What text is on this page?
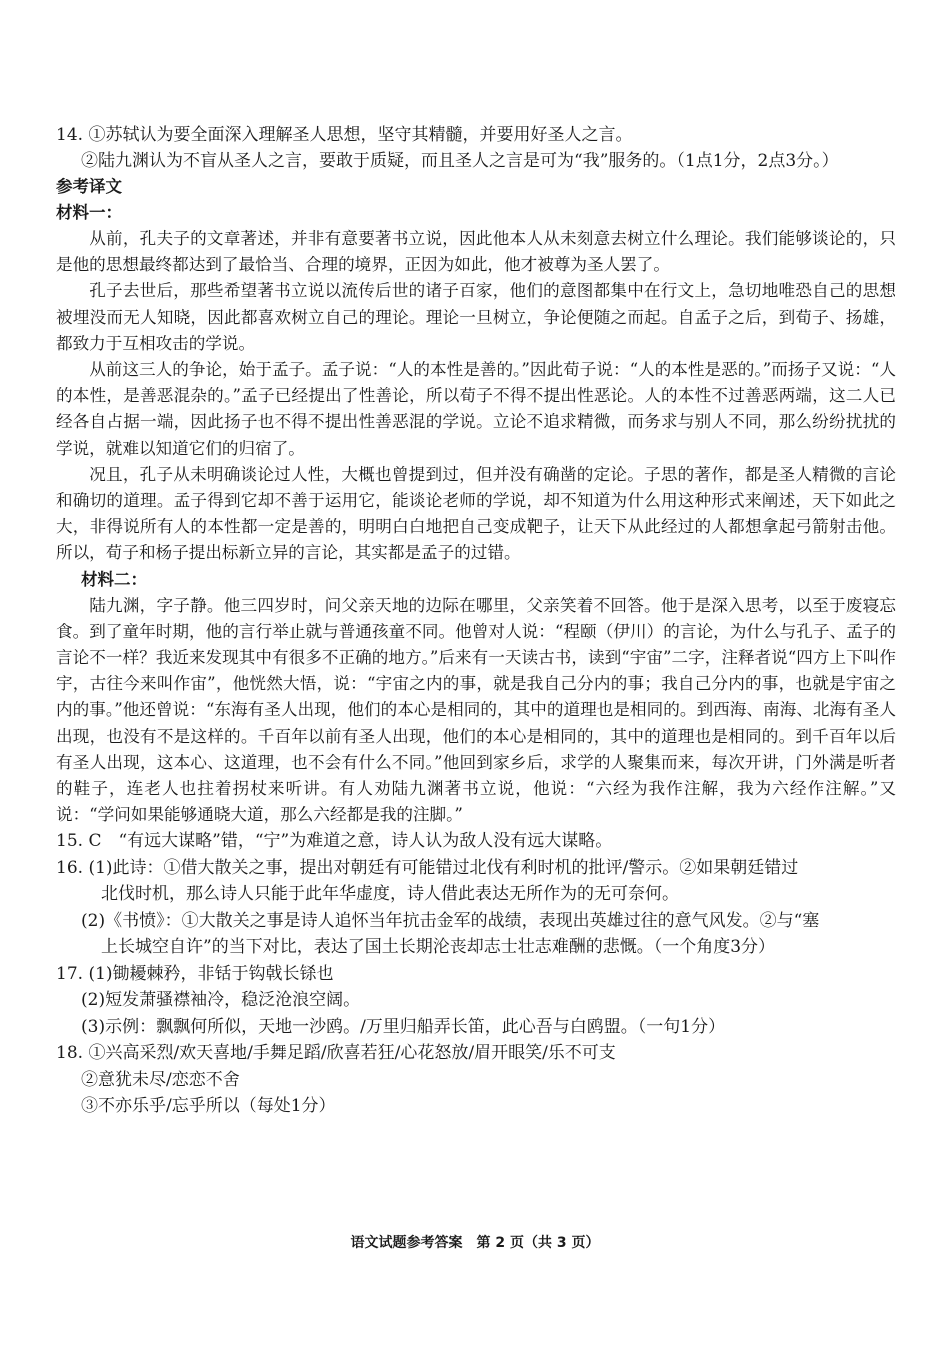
14. ①苏轼认为要全面深入理解圣人思想，坚守其精髓，并要用好圣人之言。
②陆九渊认为不盲从圣人之言，要敢于质疑，而且圣人之言是可为“我”服务的。（1点1分，2点3分。）
参考译文
材料一：

从前，孔夫子的文章著述，并非有意要著书立说，因此他本人从未刻意去树立什么理论。我们能够谈论的，只是他的思想最终都达到了最恰当、合理的境界，正因为如此，他才被尊为圣人罢了。

孔子去世后，那些希望著书立说以流传后世的诸子百家，他们的意图都集中在行文上，急切地唯恐自己的思想被埋没而无人知晓，因此都喜欢树立自己的理论。理论一旦树立，争论便随之而起。自孟子之后，到荀子、扬雄，都致力于互相攻击的学说。

从前这三人的争论，始于孟子。孟子说：“人的本性是善的。”因此荀子说：“人的本性是恶的。”而扬子又说：“人的本性，是善恶混杂的。”孟子已经提出了性善论，所以荀子不得不提出性恶论。人的本性不过善恶两端，这二人已经各自占据一端，因此扬子也不得不提出性善恶混的学说。立论不追求精微，而务求与别人不同，那么纷纷扰扰的学说，就难以知道它们的归宿了。

况且，孔子从未明确谈论过人性，大概也曾提到过，但并没有确凿的定论。子思的著作，都是圣人精微的言论和确切的道理。孟子得到它却不善于运用它，能谈论老师的学说，却不知道为什么用这种形式来阐述，天下如此之大，非得说所有人的本性都一定是善的，明明白白地把自己变成靶子，让天下从此经过的人都想拿起弓箭射击他。所以，荀子和杨子提出标新立异的言论，其实都是孟子的过错。

材料二：

陆九渊，字子静。他三四岁时，问父亲天地的边际在哪里，父亲笑着不回答。他于是深入思考，以至于废寝忘食。到了童年时期，他的言行举止就与普通孩童不同。他曾对人说：“程颐（伊川）的言论，为什么与孔子、孟子的言论不一样？我近来发现其中有很多不正确的地方。”后来有一天读古书，读到“宇宙”二字，注释者说“四方上下叫作宇，古往今来叫作宙”，他恍然大悟，说：“宇宙之内的事，就是我自己分内的事；我自己分内的事，也就是宇宙之内的事。”他还曾说：“东海有圣人出现，他们的本心是相同的，其中的道理也是相同的。到西海、南海、北海有圣人出现，也没有不是这样的。千百年以前有圣人出现，他们的本心是相同的，其中的道理也是相同的。到千百年以后有圣人出现，这本心、这道理，也不会有什么不同。”他回到家乡后，求学的人聚集而来，每次开讲，门外满是听者的鞋子，连老人也拄着拐杖来听讲。有人劝陆九渊著书立说，他说：“六经为我作注解，我为六经作注解。”又说：“学问如果能够通晓大道，那么六经都是我的注脚。”

15. C　“有远大谋略”错，“宁”为难道之意，诗人认为敌人没有远大谋略。
16. (1)此诗：①借大散关之事，提出对朝廷有可能错过北伐有利时机的批评/警示。②如果朝廷错过
北伐时机，那么诗人只能于此年华虚度，诗人借此表达无所作为的无可奈何。
(2)《书愤》：①大散关之事是诗人追怀当年抗击金军的战绩，表现出英雄过往的意气风发。②与“塞
上长城空自许”的当下对比，表达了国土长期沦丧却志士壮志难酬的悲慨。（一个角度3分）
17. (1)锄耰棘矜，非铦于钩戟长铩也
(2)短发萧骚襟袖冷，稳泛沧浪空阔。
(3)示例：飘飘何所似，天地一沙鸥。/万里归船弄长笛，此心吾与白鸥盟。（一句1分）
18. ①兴高采烈/欢天喜地/手舞足蹈/欣喜若狂/心花怒放/眉开眼笑/乐不可支
②意犹未尽/恋恋不舍
③不亦乐乎/忘乎所以（每处1分）
语文试题参考答案　第 2 页（共 3 页）
